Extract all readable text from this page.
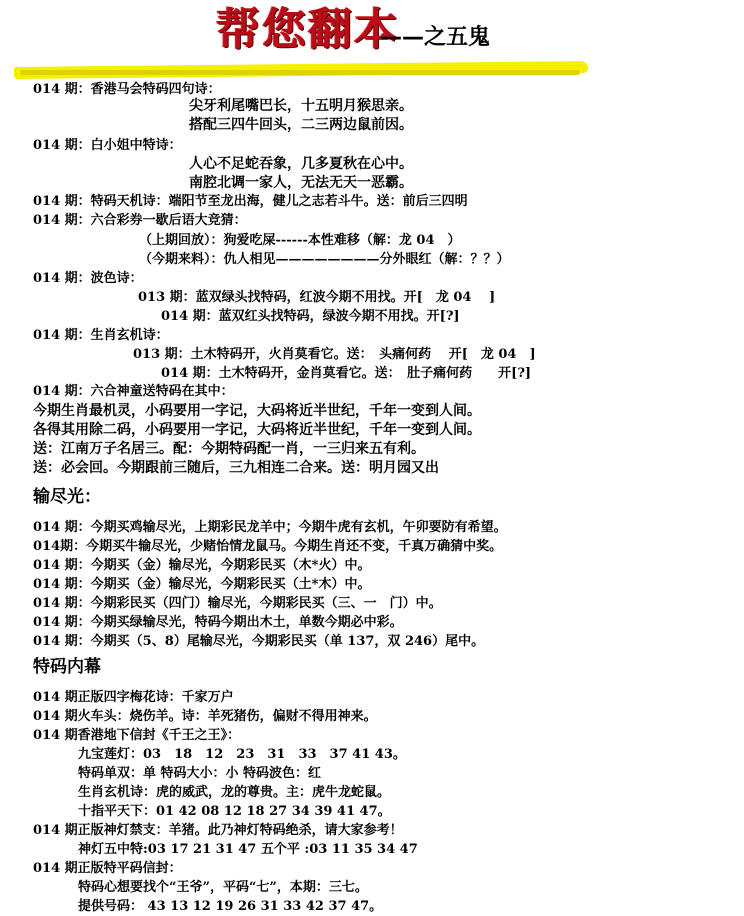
帮您翻本
——之五鬼
014 期：香港马会特码四句诗：
尖牙利尾嘴巴长，十五明月猴思亲。
搭配三四牛回头，二三两边鼠前因。
014 期：白小姐中特诗：
人心不足蛇吞象，几多夏秋在心中。
南腔北调一家人，无法无天一恶霸。
014 期：特码天机诗：端阳节至龙出海，健儿之志若斗牛。送：前后三四明
014 期：六合彩券一歇后语大竞猜：
（上期回放）：狗爱吃屎------本性难移（解：龙 04　）
（今期来料）：仇人相见————————分外眼红（解：？？）
014 期：波色诗：
013 期：蓝双绿头找特码，红波今期不用找。开[　龙 04　 ]
014 期：蓝双红头找特码，绿波今期不用找。开[?]
014 期：生肖玄机诗：
013 期：土木特码开，火肖莫看它。送：　头痛何药　 开[　龙 04　]
014 期：土木特码开，金肖莫看它。送：　肚子痛何药　　开[?]
014 期：六合神童送特码在其中：
今期生肖最机灵，小码要用一字记，大码将近半世纪，千年一变到人间。
各得其用除二码，小码要用一字记，大码将近半世纪，千年一变到人间。
送：江南万子名居三。配：今期特码配一肖，一三归来五有利。
送：必会回。今期跟前三随后，三九相连二合来。送：明月园又出
输尽光：
014 期：今期买鸡输尽光，上期彩民龙羊中；今期牛虎有玄机，午卯要防有希望。
014期：今期买牛输尽光，少赌怡情龙鼠马。今期生肖还不变，千真万确猜中奖。
014 期：今期买（金）输尽光，今期彩民买（木*火）中。
014 期：今期买（金）输尽光，今期彩民买（土*木）中。
014 期：今期彩民买（四门）输尽光，今期彩民买（三、一　门）中。
014 期：今期买绿输尽光，特码今期出木土，单数今期必中彩。
014 期：今期买（5、8）尾输尽光，今期彩民买（单 137，双 246）尾中。
特码内幕
014 期正版四字梅花诗：千家万户
014 期火车头：烧伤羊。诗：羊死猪伤，偏财不得用神来。
014 期香港地下信封《千王之王》：
九宝莲灯：03　18　12　23　31　33　37 41 43。
特码单双：单 特码大小：小 特码波色：红
生肖玄机诗：虎的威武，龙的尊贵。主：虎牛龙蛇鼠。
十指平天下：01 42 08 12 18 27 34 39 41 47。
014 期正版神灯禁支：羊猪。此乃神灯特码绝杀，请大家参考！
神灯五中特:03 17 21 31 47 五个平 :03 11 35 34 47
014 期正版特平码信封：
特码心想要找个“王爷”，平码“七”，本期：三七。
提供号码： 43 13 12 19 26 31 33 42 37 47。
